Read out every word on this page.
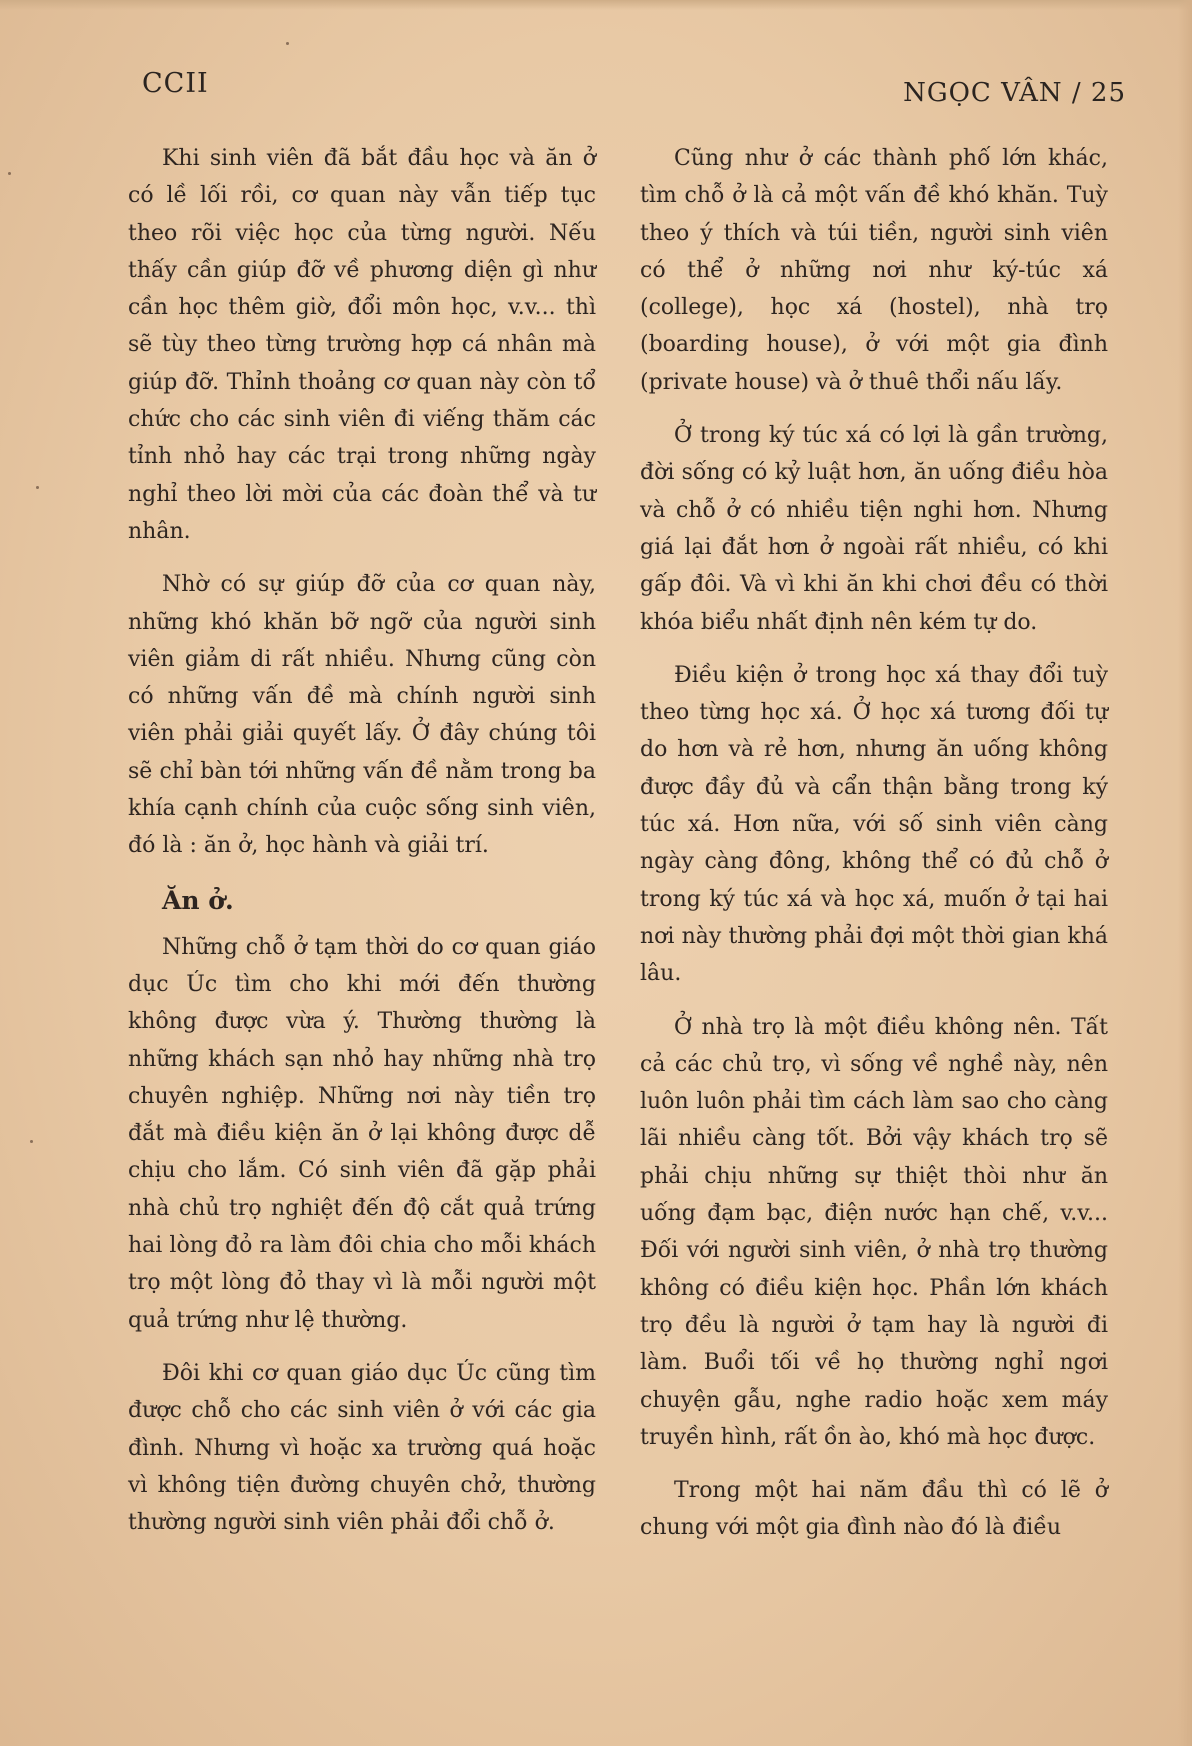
CCII	NGỌC VÂN / 25

Khi sinh viên đã bắt đầu học và ăn ở có lề lối rồi, cơ quan này vẫn tiếp tục theo rõi việc học của từng người. Nếu thấy cần giúp đỡ về phương diện gì như cần học thêm giờ, đổi môn học, v.v... thì sẽ tùy theo từng trường hợp cá nhân mà giúp đỡ. Thỉnh thoảng cơ quan này còn tổ chức cho các sinh viên đi viếng thăm các tỉnh nhỏ hay các trại trong những ngày nghỉ theo lời mời của các đoàn thể và tư nhân.

Nhờ có sự giúp đỡ của cơ quan này, những khó khăn bỡ ngỡ của người sinh viên giảm di rất nhiều. Nhưng cũng còn có những vấn đề mà chính người sinh viên phải giải quyết lấy. Ở đây chúng tôi sẽ chỉ bàn tới những vấn đề nằm trong ba khía cạnh chính của cuộc sống sinh viên, đó là : ăn ở, học hành và giải trí.

Ăn ở.

Những chỗ ở tạm thời do cơ quan giáo dục Úc tìm cho khi mới đến thường không được vừa ý. Thường thường là những khách sạn nhỏ hay những nhà trọ chuyên nghiệp. Những nơi này tiền trọ đắt mà điều kiện ăn ở lại không được dễ chịu cho lắm. Có sinh viên đã gặp phải nhà chủ trọ nghiệt đến độ cắt quả trứng hai lòng đỏ ra làm đôi chia cho mỗi khách trọ một lòng đỏ thay vì là mỗi người một quả trứng như lệ thường.

Đôi khi cơ quan giáo dục Úc cũng tìm được chỗ cho các sinh viên ở với các gia đình. Nhưng vì hoặc xa trường quá hoặc vì không tiện đường chuyên chở, thường thường người sinh viên phải đổi chỗ ở.

Cũng như ở các thành phố lớn khác, tìm chỗ ở là cả một vấn đề khó khăn. Tuỳ theo ý thích và túi tiền, người sinh viên có thể ở những nơi như ký-túc xá (college), học xá (hostel), nhà trọ (boarding house), ở với một gia đình (private house) và ở thuê thổi nấu lấy.

Ở trong ký túc xá có lợi là gần trường, đời sống có kỷ luật hơn, ăn uống điều hòa và chỗ ở có nhiều tiện nghi hơn. Nhưng giá lại đắt hơn ở ngoài rất nhiều, có khi gấp đôi. Và vì khi ăn khi chơi đều có thời khóa biểu nhất định nên kém tự do.

Điều kiện ở trong học xá thay đổi tuỳ theo từng học xá. Ở học xá tương đối tự do hơn và rẻ hơn, nhưng ăn uống không được đầy đủ và cẩn thận bằng trong ký túc xá. Hơn nữa, với số sinh viên càng ngày càng đông, không thể có đủ chỗ ở trong ký túc xá và học xá, muốn ở tại hai nơi này thường phải đợi một thời gian khá lâu.

Ở nhà trọ là một điều không nên. Tất cả các chủ trọ, vì sống về nghề này, nên luôn luôn phải tìm cách làm sao cho càng lãi nhiều càng tốt. Bởi vậy khách trọ sẽ phải chịu những sự thiệt thòi như ăn uống đạm bạc, điện nước hạn chế, v.v... Đối với người sinh viên, ở nhà trọ thường không có điều kiện học. Phần lớn khách trọ đều là người ở tạm hay là người đi làm. Buổi tối về họ thường nghỉ ngơi chuyện gẫu, nghe radio hoặc xem máy truyền hình, rất ồn ào, khó mà học được.

Trong một hai năm đầu thì có lẽ ở chung với một gia đình nào đó là điều
